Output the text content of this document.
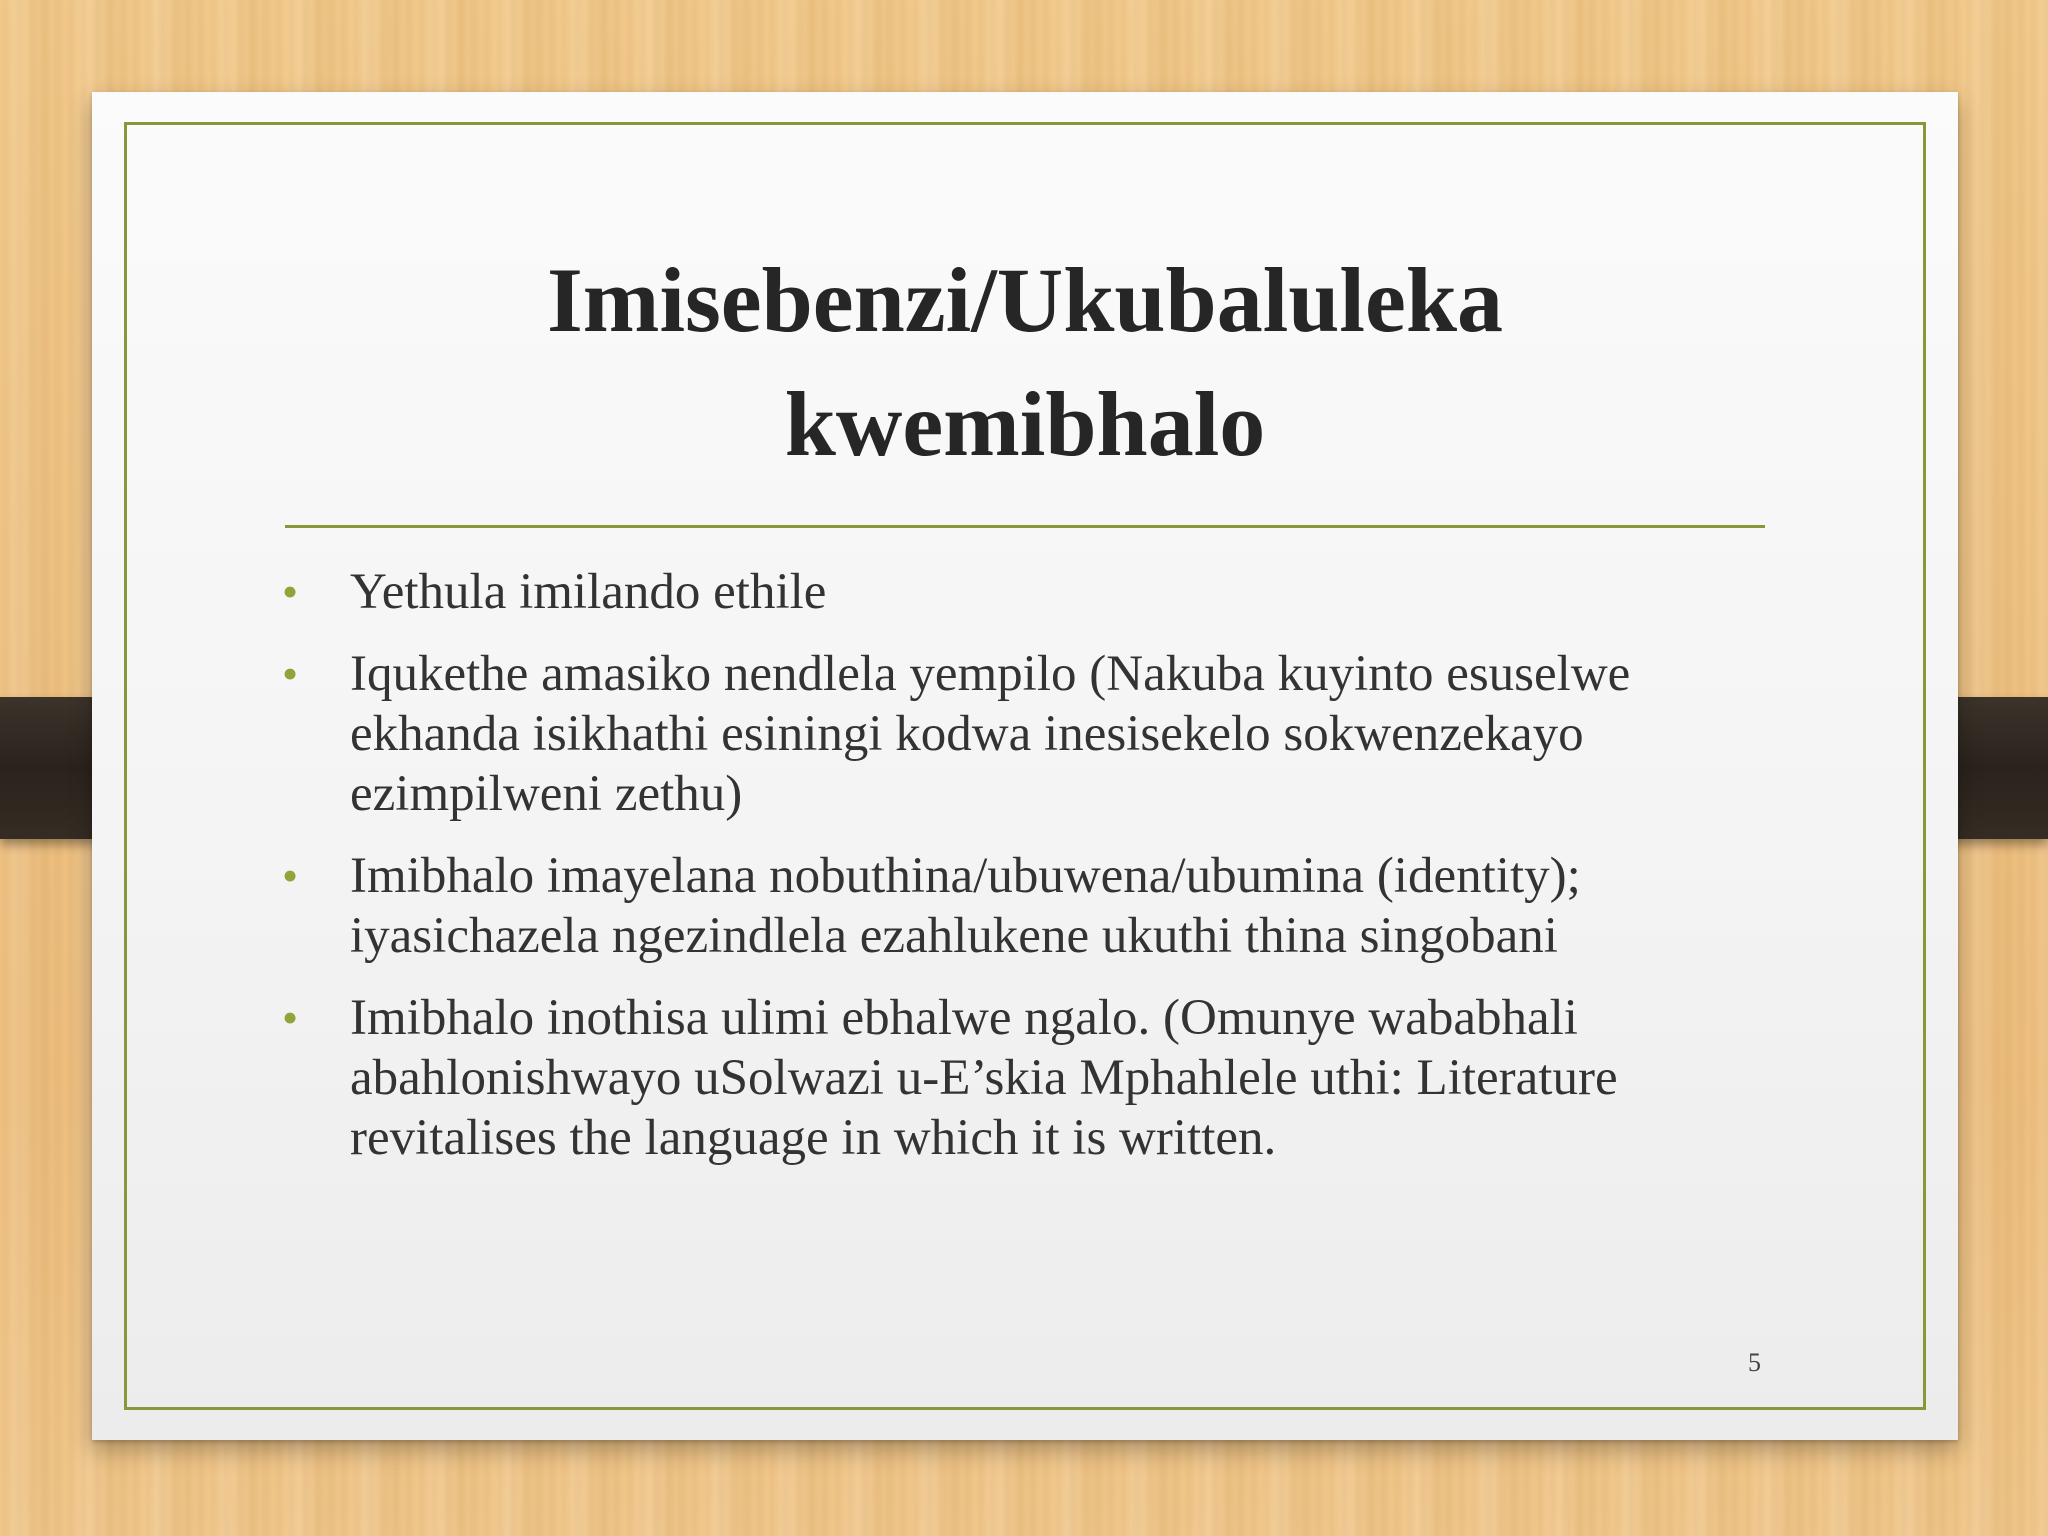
Imisebenzi/Ukubaluleka
kwemibhalo
• Yethula imilando ethile
• Iqukethe amasiko nendlela yempilo (Nakuba kuyinto esuselwe ekhanda isikhathi esiningi kodwa inesisekelo sokwenzekayo ezimpilweni zethu)
• Imibhalo imayelana nobuthina/ubuwena/ubumina (identity); iyasichazela ngezindlela ezahlukene ukuthi thina singobani
• Imibhalo inothisa ulimi ebhalwe ngalo. (Omunye wababhali abahlonishwayo uSolwazi u-E’skia Mphahlele uthi: Literature revitalises the language in which it is written.
5
